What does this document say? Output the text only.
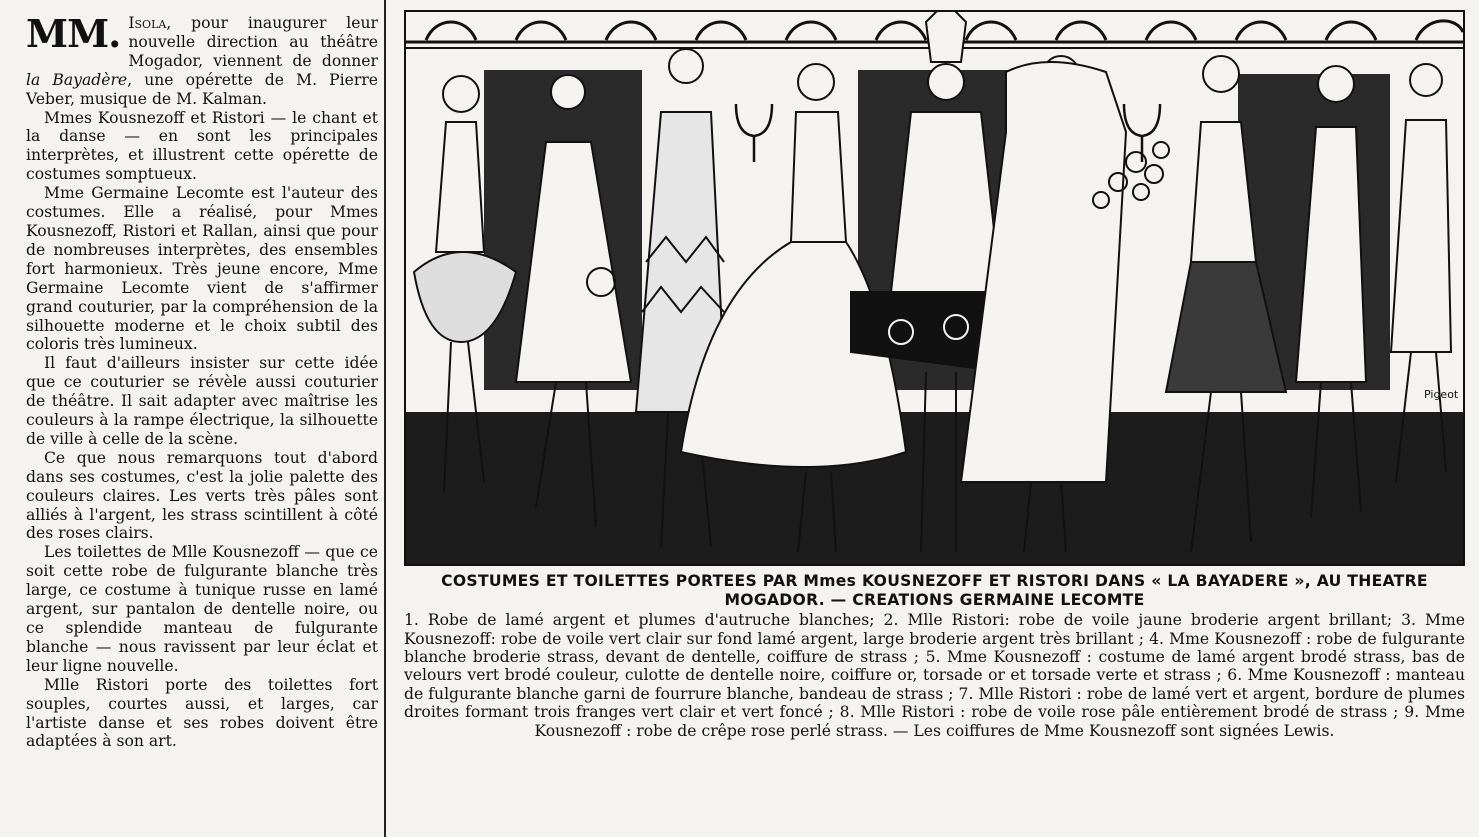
MM. Isola, pour inaugurer leur nouvelle direction au théâtre Mogador, viennent de donner la Bayadère, une opérette de M. Pierre Veber, musique de M. Kalman.

Mmes Kousnezoff et Ristori — le chant et la danse — en sont les principales interprètes, et illustrent cette opérette de costumes somptueux.

Mme Germaine Lecomte est l'auteur des costumes. Elle a réalisé, pour Mmes Kousnezoff, Ristori et Rallan, ainsi que pour de nombreuses interprètes, des ensembles fort harmonieux. Très jeune encore, Mme Germaine Lecomte vient de s'affirmer grand couturier, par la compréhension de la silhouette moderne et le choix subtil des coloris très lumineux.

Il faut d'ailleurs insister sur cette idée que ce couturier se révèle aussi couturier de théâtre. Il sait adapter avec maîtrise les couleurs à la rampe électrique, la silhouette de ville à celle de la scène.

Ce que nous remarquons tout d'abord dans ses costumes, c'est la jolie palette des couleurs claires. Les verts très pâles sont alliés à l'argent, les strass scintillent à côté des roses clairs.

Les toilettes de Mlle Kousnezoff — que ce soit cette robe de fulgurante blanche très large, ce costume à tunique russe en lamé argent, sur pantalon de dentelle noire, ou ce splendide manteau de fulgurante blanche — nous ravissent par leur éclat et leur ligne nouvelle.

Mlle Ristori porte des toilettes fort souples, courtes aussi, et larges, car l'artiste danse et ses robes doivent être adaptées à son art.

Pigeot

COSTUMES ET TOILETTES PORTEES PAR Mmes KOUSNEZOFF ET RISTORI DANS « LA BAYADERE », AU THEATRE MOGADOR. — CREATIONS GERMAINE LECOMTE

1. Robe de lamé argent et plumes d'autruche blanches; 2. Mlle Ristori: robe de voile jaune broderie argent brillant; 3. Mme Kousnezoff: robe de voile vert clair sur fond lamé argent, large broderie argent très brillant ; 4. Mme Kousnezoff : robe de fulgurante blanche broderie strass, devant de dentelle, coiffure de strass ; 5. Mme Kousnezoff : costume de lamé argent brodé strass, bas de velours vert brodé couleur, culotte de dentelle noire, coiffure or, torsade or et torsade verte et strass ; 6. Mme Kousnezoff : manteau de fulgurante blanche garni de fourrure blanche, bandeau de strass ; 7. Mlle Ristori : robe de lamé vert et argent, bordure de plumes droites formant trois franges vert clair et vert foncé ; 8. Mlle Ristori : robe de voile rose pâle entièrement brodé de strass ; 9. Mme Kousnezoff : robe de crêpe rose perlé strass. — Les coiffures de Mme Kousnezoff sont signées Lewis.
